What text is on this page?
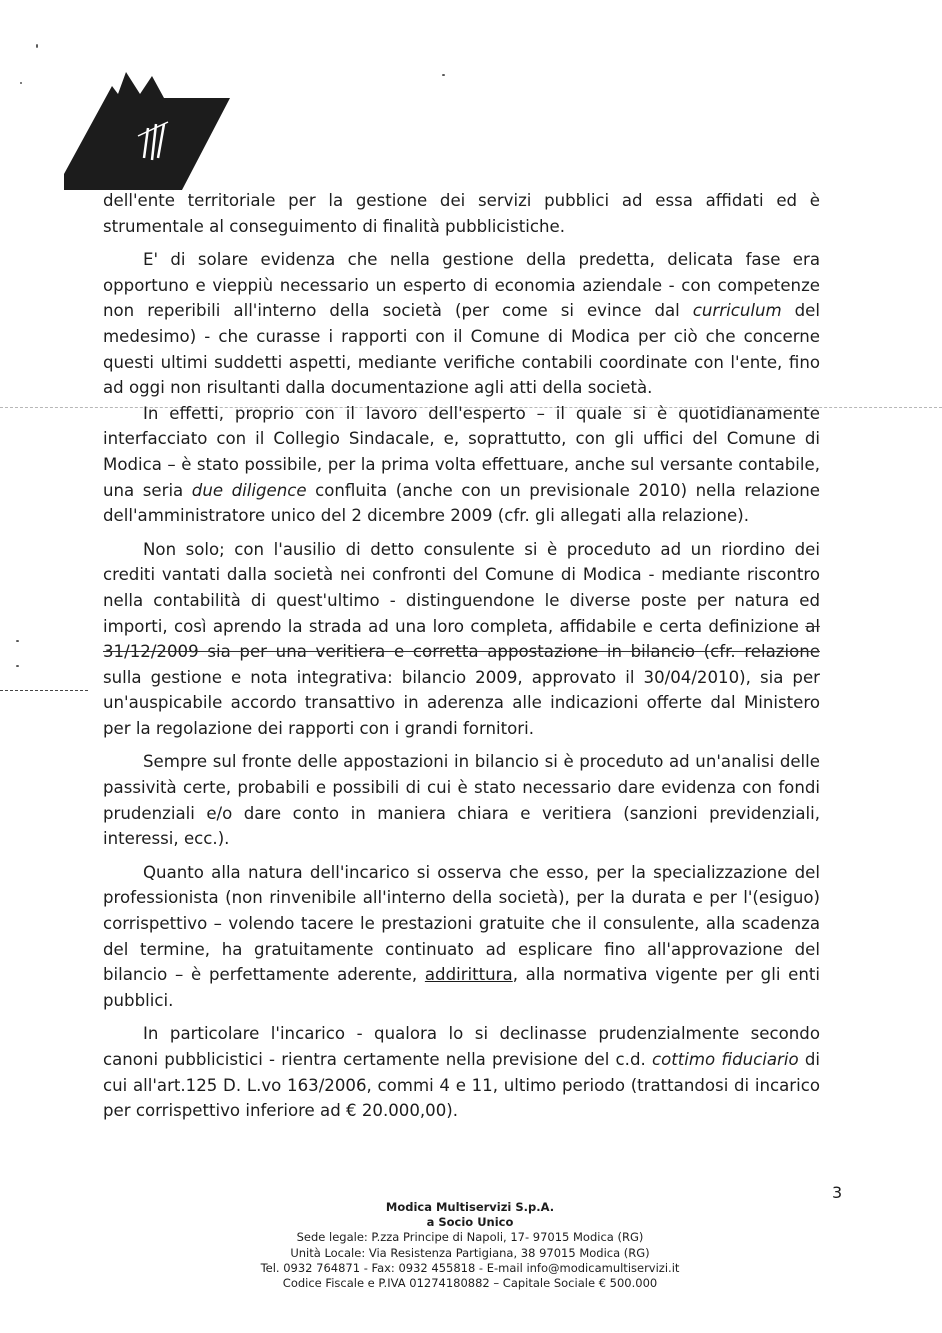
dell'ente territoriale per la gestione dei servizi pubblici ad essa affidati ed è strumentale al conseguimento di finalità pubblicistiche.

E' di solare evidenza che nella gestione della predetta, delicata fase era opportuno e vieppiù necessario un esperto di economia aziendale - con competenze non reperibili all'interno della società (per come si evince dal curriculum del medesimo) - che curasse i rapporti con il Comune di Modica per ciò che concerne questi ultimi suddetti aspetti, mediante verifiche contabili coordinate con l'ente, fino ad oggi non risultanti dalla documentazione agli atti della società.

In effetti, proprio con il lavoro dell'esperto – il quale si è quotidianamente interfacciato con il Collegio Sindacale, e, soprattutto, con gli uffici del Comune di Modica – è stato possibile, per la prima volta effettuare, anche sul versante contabile, una seria due diligence confluita (anche con un previsionale 2010) nella relazione dell'amministratore unico del 2 dicembre 2009 (cfr. gli allegati alla relazione).

Non solo; con l'ausilio di detto consulente si è proceduto ad un riordino dei crediti vantati dalla società nei confronti del Comune di Modica - mediante riscontro nella contabilità di quest'ultimo - distinguendone le diverse poste per natura ed importi, così aprendo la strada ad una loro completa, affidabile e certa definizione al 31/12/2009 sia per una veritiera e corretta appostazione in bilancio (cfr. relazione sulla gestione e nota integrativa: bilancio 2009, approvato il 30/04/2010), sia per un'auspicabile accordo transattivo in aderenza alle indicazioni offerte dal Ministero per la regolazione dei rapporti con i grandi fornitori.

Sempre sul fronte delle appostazioni in bilancio si è proceduto ad un'analisi delle passività certe, probabili e possibili di cui è stato necessario dare evidenza con fondi prudenziali e/o dare conto in maniera chiara e veritiera (sanzioni previdenziali, interessi, ecc.).

Quanto alla natura dell'incarico si osserva che esso, per la specializzazione del professionista (non rinvenibile all'interno della società), per la durata e per l'(esiguo) corrispettivo – volendo tacere le prestazioni gratuite che il consulente, alla scadenza del termine, ha gratuitamente continuato ad esplicare fino all'approvazione del bilancio – è perfettamente aderente, addirittura, alla normativa vigente per gli enti pubblici.

In particolare l'incarico - qualora lo si declinasse prudenzialmente secondo canoni pubblicistici - rientra certamente nella previsione del c.d. cottimo fiduciario di cui all'art.125 D. L.vo 163/2006, commi 4 e 11, ultimo periodo (trattandosi di incarico per corrispettivo inferiore ad € 20.000,00).

3
Modica Multiservizi S.p.A.
a Socio Unico
Sede legale: P.zza Principe di Napoli, 17- 97015 Modica (RG)
Unità Locale: Via Resistenza Partigiana, 38 97015 Modica (RG)
Tel. 0932 764871 - Fax: 0932 455818 - E-mail info@modicamultiservizi.it
Codice Fiscale e P.IVA 01274180882 – Capitale Sociale € 500.000
